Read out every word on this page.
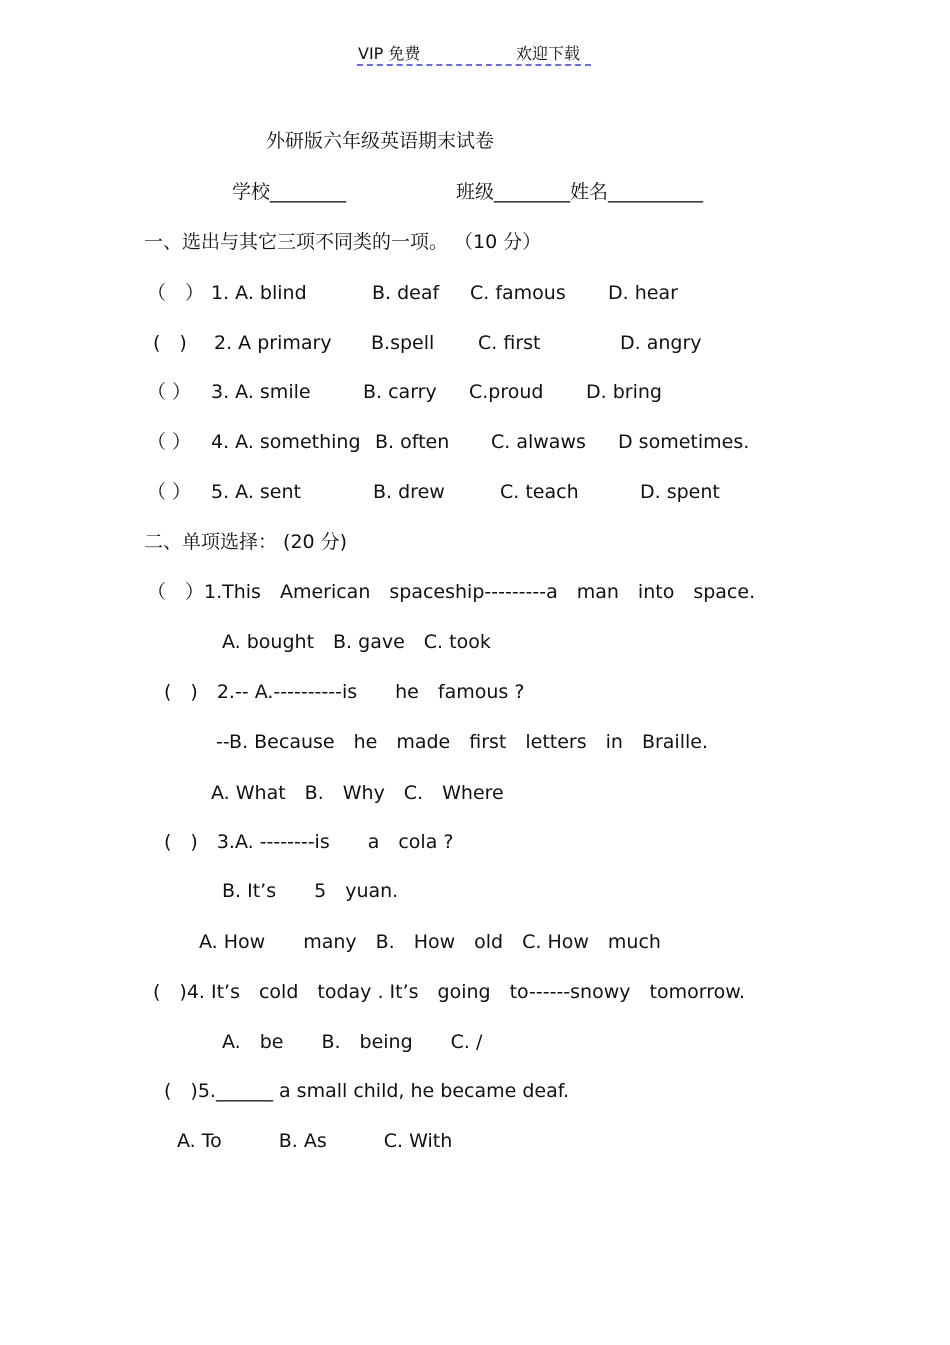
VIP 免费	欢迎下载
外研版六年级英语期末试卷
学校________	班级________姓名__________
一、选出与其它三项不同类的一项。 （10 分）
（　） 1. A. blind	B. deaf C. famous D. hear
(　) 2. A primary B.spell C. first	D. angry
（ ） 3. A. smile	B. carry C.proud D. bring
（ ） 4. A. something B. often C. alwaws D sometimes.
（ ） 5. A. sent	B. drew	C. teach	D. spent
二、单项选择： (20 分)
（　）1.This　American　spaceship---------a　man　into　space.
A. bought　B. gave　C. took
(　)　2.-- A.----------is　　he　famous ?
--B. Because　he　made　first　letters　in　Braille.
A. What　B.　Why　C.　Where
(　)　3.A. --------is　　a　cola ?
B. It’s　　5　yuan.
A. How　　many　B.　How　old　C. How　much
(　)4. It’s　cold　today . It’s　going　to------snowy　tomorrow.
A.　be　　B.　being　　C. /
(　)5.______ a small child, he became deaf.
A. To　　　B. As　　　C. With
